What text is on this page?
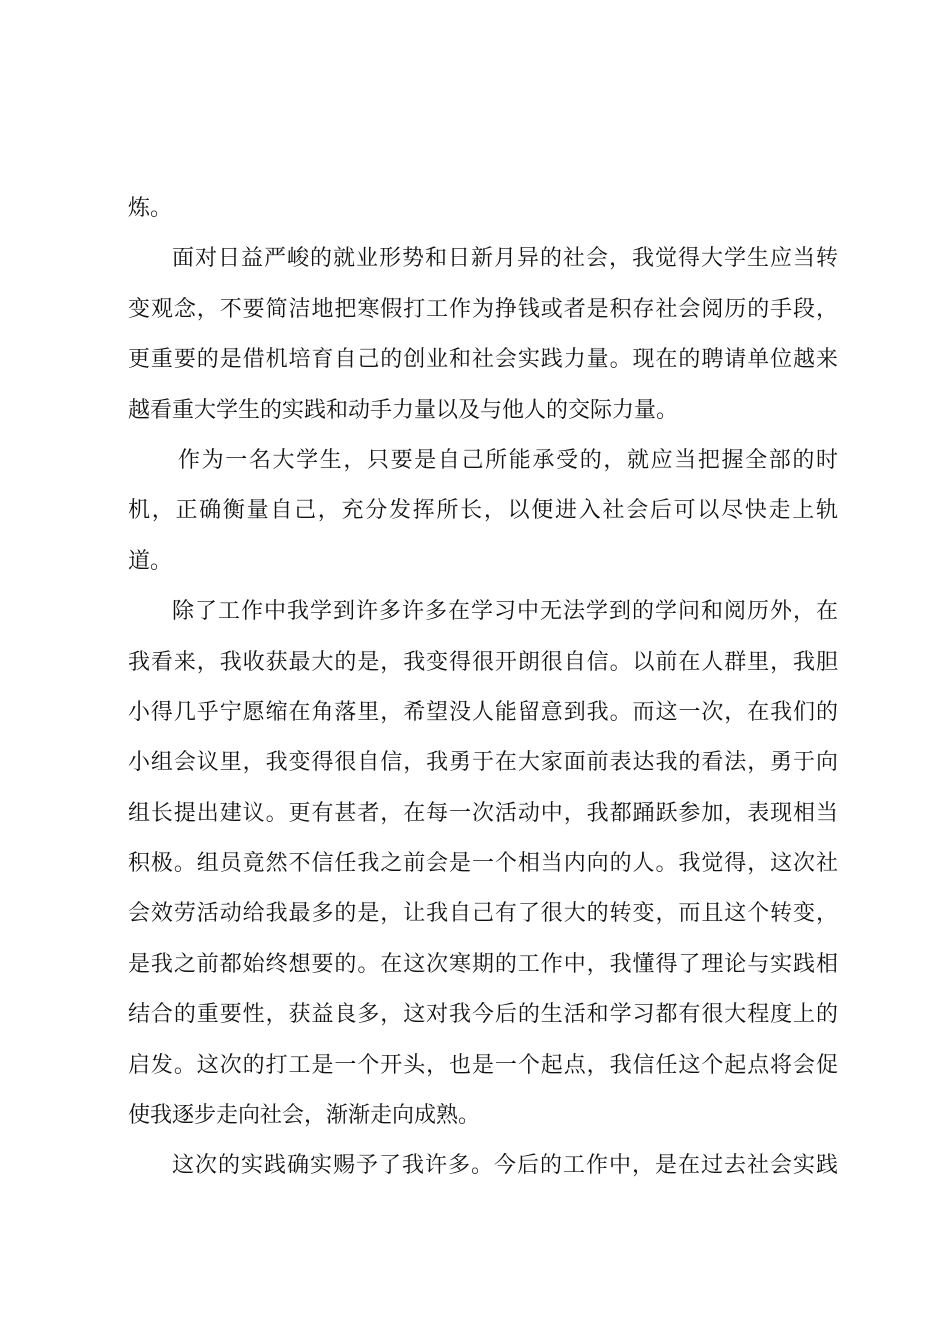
炼。
面对日益严峻的就业形势和日新月异的社会，我觉得大学生应当转
变观念，不要简洁地把寒假打工作为挣钱或者是积存社会阅历的手段，
更重要的是借机培育自己的创业和社会实践力量。现在的聘请单位越来
越看重大学生的实践和动手力量以及与他人的交际力量。
作为一名大学生，只要是自己所能承受的，就应当把握全部的时
机，正确衡量自己，充分发挥所长，以便进入社会后可以尽快走上轨
道。
除了工作中我学到许多许多在学习中无法学到的学问和阅历外，在
我看来，我收获最大的是，我变得很开朗很自信。以前在人群里，我胆
小得几乎宁愿缩在角落里，希望没人能留意到我。而这一次，在我们的
小组会议里，我变得很自信，我勇于在大家面前表达我的看法，勇于向
组长提出建议。更有甚者，在每一次活动中，我都踊跃参加，表现相当
积极。组员竟然不信任我之前会是一个相当内向的人。我觉得，这次社
会效劳活动给我最多的是，让我自己有了很大的转变，而且这个转变，
是我之前都始终想要的。在这次寒期的工作中，我懂得了理论与实践相
结合的重要性，获益良多，这对我今后的生活和学习都有很大程度上的
启发。这次的打工是一个开头，也是一个起点，我信任这个起点将会促
使我逐步走向社会，渐渐走向成熟。
这次的实践确实赐予了我许多。今后的工作中，是在过去社会实践
